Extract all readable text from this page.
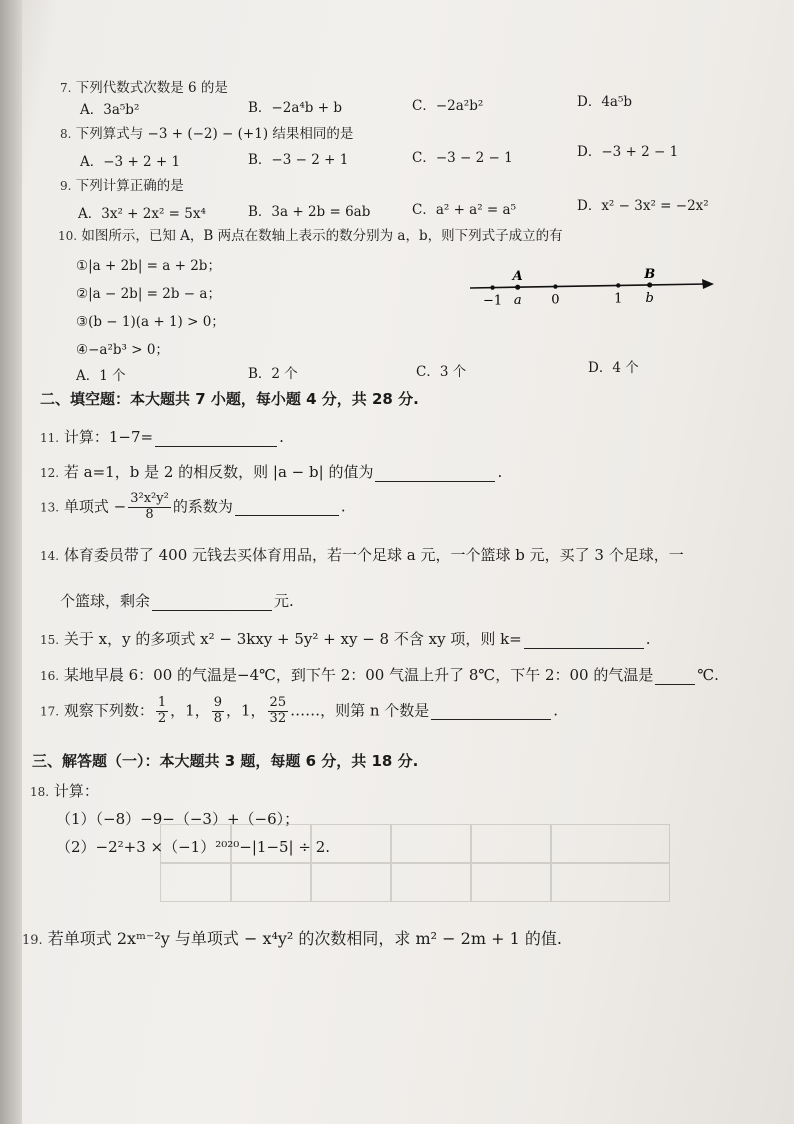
7. 下列代数式次数是 6 的是
A．3a⁵b²	B．−2a⁴b + b	C．−2a²b²	D．4a⁵b
8. 下列算式与 −3 + (−2) − (+1) 结果相同的是
A．−3 + 2 + 1	B．−3 − 2 + 1	C．−3 − 2 − 1	D．−3 + 2 − 1
9. 下列计算正确的是
A．3x² + 2x² = 5x⁴	B．3a + 2b = 6ab	C．a² + a² = a⁵	D．x² − 3x² = −2x²
10. 如图所示，已知 A，B 两点在数轴上表示的数分别为 a，b，则下列式子成立的有
①|a + 2b| = a + 2b；
②|a − 2b| = 2b − a；
③(b − 1)(a + 1) > 0；
④−a²b³ > 0；
A．1 个	B．2 个	C．3 个	D．4 个
−1	0	1
A
a
B
b
二、填空题：本大题共 7 小题，每小题 4 分，共 28 分.
11. 计算：1−7=	.
12. 若 a=1，b 是 2 的相反数，则 |a − b| 的值为	.
13. 单项式 − $\frac{\text{3²x²y²}}{8}$ 的系数为	.
14. 体育委员带了 400 元钱去买体育用品，若一个足球 a 元，一个篮球 b 元，买了 3 个足球，一
个篮球，剩余	元.
15. 关于 x，y 的多项式 x² − 3kxy + 5y² + xy − 8 不含 xy 项，则 k=	.
16. 某地早晨 6：00 的气温是−4℃，到下午 2：00 气温上升了 8℃，下午 2：00 的气温是	℃.
17. 观察下列数： $\frac{1}{2}$ ，1， $\frac{9}{8}$ ，1， $\frac{25}{32}$ ……，则第 n 个数是	.
三、解答题（一）：本大题共 3 题，每题 6 分，共 18 分.
18. 计算：
（1）（−8）−9−（−3）+（−6）；
（2）−2²+3 ×（−1）²⁰²⁰−|1−5| ÷ 2.
19. 若单项式 2xᵐ⁻²y 与单项式 − x⁴y² 的次数相同，求 m² − 2m + 1 的值.
